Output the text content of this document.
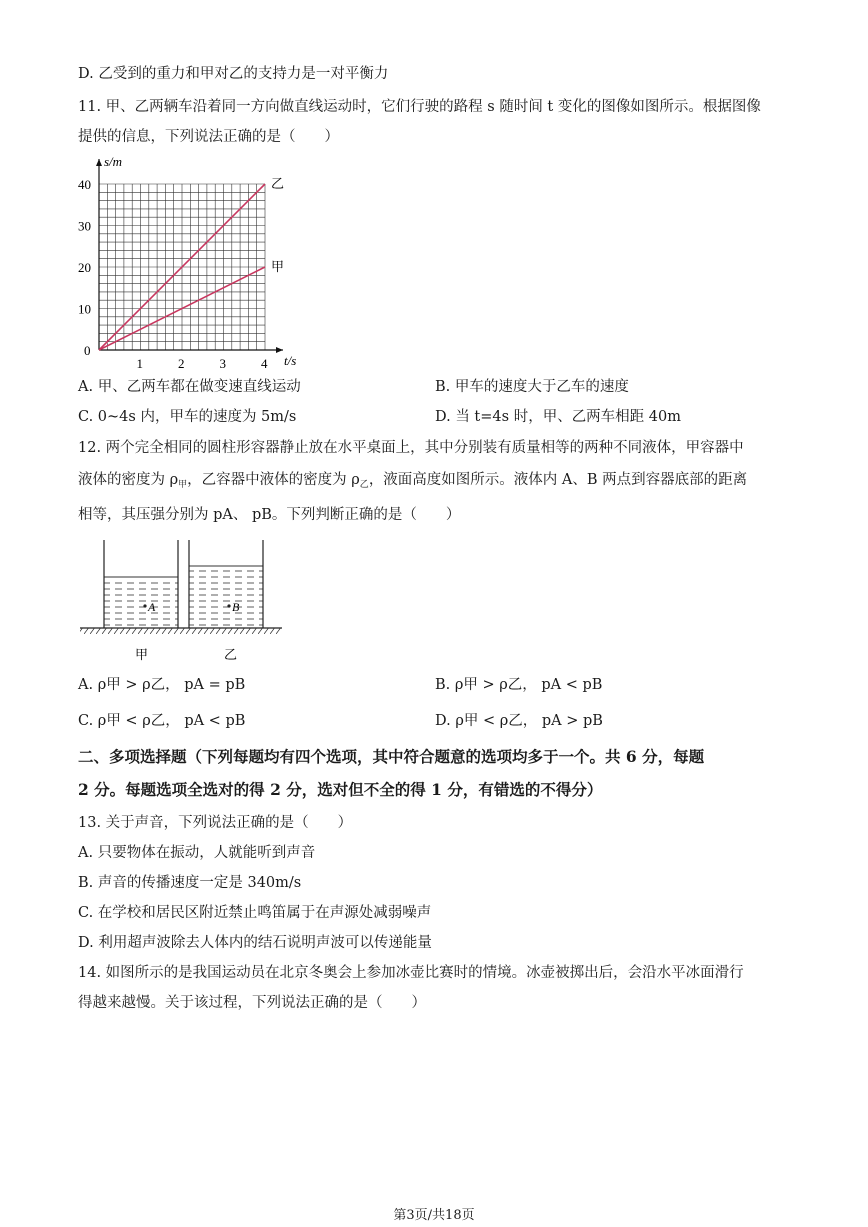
D. 乙受到的重力和甲对乙的支持力是一对平衡力
11. 甲、乙两辆车沿着同一方向做直线运动时，它们行驶的路程 s 随时间 t 变化的图像如图所示。根据图像
提供的信息，下列说法正确的是（　　）
1	2	3	4
0
10
20
30
40	乙
甲
s/m
t/s
A. 甲、乙两车都在做变速直线运动	B. 甲车的速度大于乙车的速度
C. 0~4s 内，甲车的速度为 5m/s	D. 当 t=4s 时，甲、乙两车相距 40m
12. 两个完全相同的圆柱形容器静止放在水平桌面上，其中分别装有质量相等的两种不同液体，甲容器中
液体的密度为 $\rho_甲$，乙容器中液体的密度为 $\rho_乙$，液面高度如图所示。液体内 A、B 两点到容器底部的距离
相等，其压强分别为 pA、 pB。下列判断正确的是（　　）
A	B
甲	乙
A. ρ甲 > ρ乙， pA = pB	B. ρ甲 > ρ乙， pA < pB
C. ρ甲 < ρ乙， pA < pB	D. ρ甲 < ρ乙， pA > pB
二、多项选择题（下列每题均有四个选项，其中符合题意的选项均多于一个。共 6 分，每题
2 分。每题选项全选对的得 2 分，选对但不全的得 1 分，有错选的不得分）
13. 关于声音，下列说法正确的是（　　）
A. 只要物体在振动，人就能听到声音
B. 声音的传播速度一定是 340m/s
C. 在学校和居民区附近禁止鸣笛属于在声源处减弱噪声
D. 利用超声波除去人体内的结石说明声波可以传递能量
14. 如图所示的是我国运动员在北京冬奥会上参加冰壶比赛时的情境。冰壶被掷出后，会沿水平冰面滑行
得越来越慢。关于该过程，下列说法正确的是（　　）
第3页/共18页
